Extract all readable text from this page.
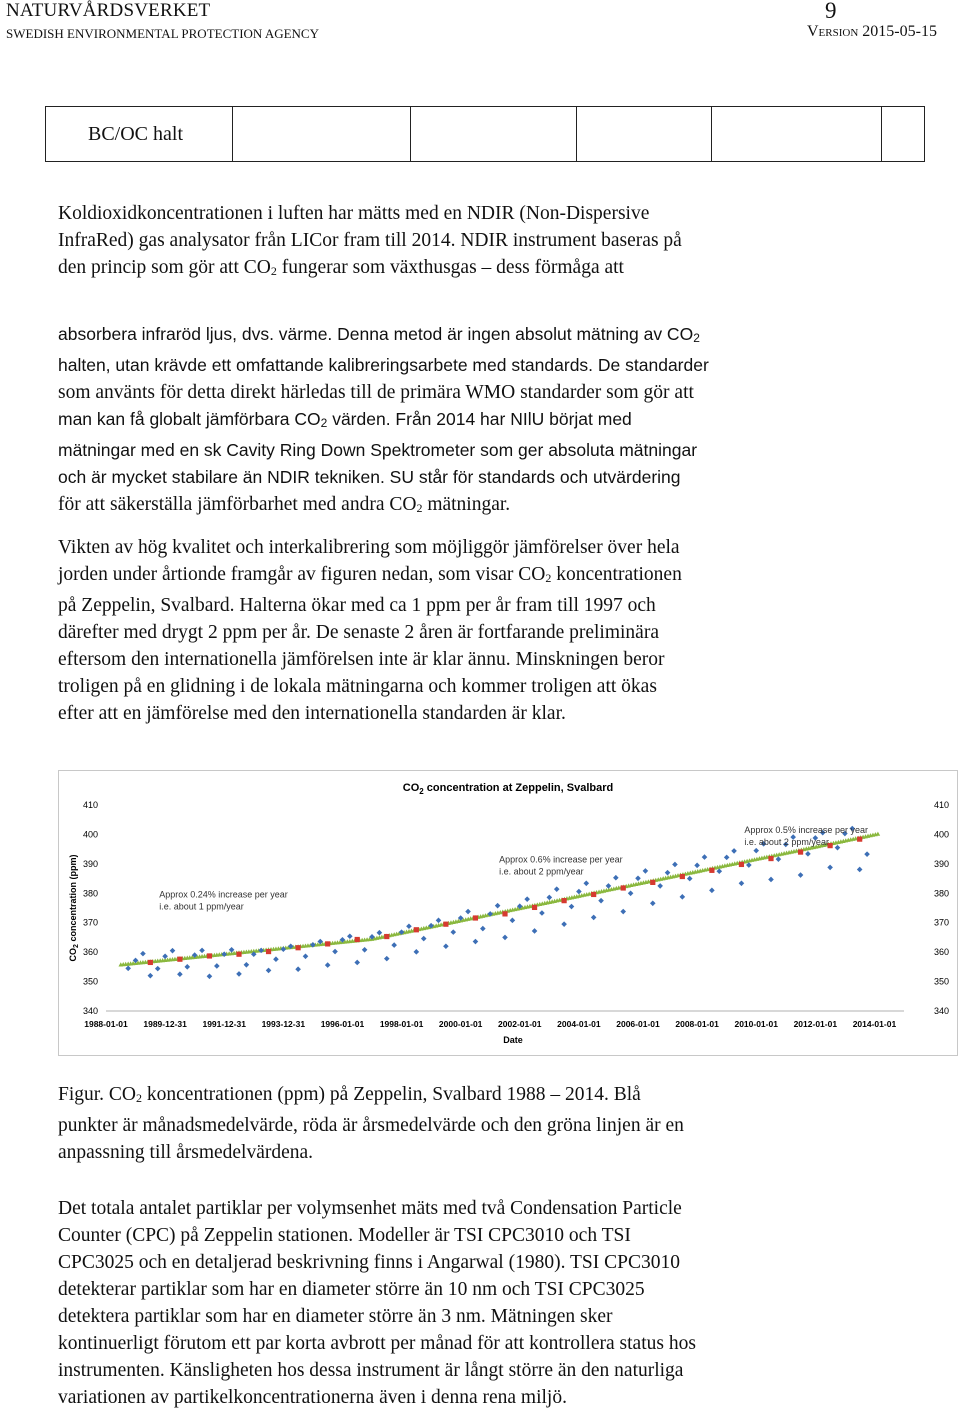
NATURVÅRDSVERKET
SWEDISH ENVIRONMENTAL PROTECTION AGENCY
9
Version 2015-05-15
BC/OC halt					
Koldioxidkoncentrationen i luften har mätts med en NDIR (Non-Dispersive
InfraRed) gas analysator från LICor fram till 2014. NDIR instrument baseras på
den princip som gör att $CO_2$ fungerar som växthusgas – dess förmåga att
absorbera infraröd ljus, dvs. värme. Denna metod är ingen absolut mätning av $CO_2$
halten, utan krävde ett omfattande kalibreringsarbete med standards. De standarder
som använts för detta direkt härledas till de primära WMO standarder som gör att
man kan få globalt jämförbara $CO_2$ värden. Från 2014 har NIlU börjat med
mätningar med en sk Cavity Ring Down Spektrometer som ger absoluta mätningar
och är mycket stabilare än NDIR tekniken. SU står för standards och utvärdering
för att säkerställa jämförbarhet med andra $CO_2$ mätningar.
Vikten av hög kvalitet och interkalibrering som möjliggör jämförelser över hela
jorden under årtionde framgår av figuren nedan, som visar $CO_2$ koncentrationen
på Zeppelin, Svalbard. Halterna ökar med ca 1 ppm per år fram till 1997 och
därefter med drygt 2 ppm per år. De senaste 2 åren är fortfarande preliminära
eftersom den internationella jämförelsen inte är klar ännu. Minskningen beror
troligen på en glidning i de lokala mätningarna och kommer troligen att ökas
efter att en jämförelse med den internationella standarden är klar.
$CO_2$ concentration at Zeppelin, Svalbard
410	410
400	400
390	390
380	380
370	370
360	360
350	350
340	340
1988-01-01 1989-12-31 1991-12-31 1993-12-31 1996-01-01 1998-01-01 2000-01-01 2002-01-01 2004-01-01 2006-01-01 2008-01-01 2010-01-01 2012-01-01 2014-01-01
Date
$CO_2$ concentration (ppm)	Approx 0.24% increase per year
i.e. about 1 ppm/year
Approx 0.6% increase per year
i.e. about 2 ppm/year
Approx 0.5% increase per year
i.e. about 2 ppm/year
Figur. $CO_2$ koncentrationen (ppm) på Zeppelin, Svalbard 1988 – 2014. Blå
punkter är månadsmedelvärde, röda är årsmedelvärde och den gröna linjen är en
anpassning till årsmedelvärdena.
Det totala antalet partiklar per volymsenhet mäts med två Condensation Particle
Counter (CPC) på Zeppelin stationen. Modeller är TSI CPC3010 och TSI
CPC3025 och en detaljerad beskrivning finns i Angarwal (1980). TSI CPC3010
detekterar partiklar som har en diameter större än 10 nm och TSI CPC3025
detektera partiklar som har en diameter större än 3 nm. Mätningen sker
kontinuerligt förutom ett par korta avbrott per månad för att kontrollera status hos
instrumenten. Känsligheten hos dessa instrument är långt större än den naturliga
variationen av partikelkoncentrationerna även i denna rena miljö.
